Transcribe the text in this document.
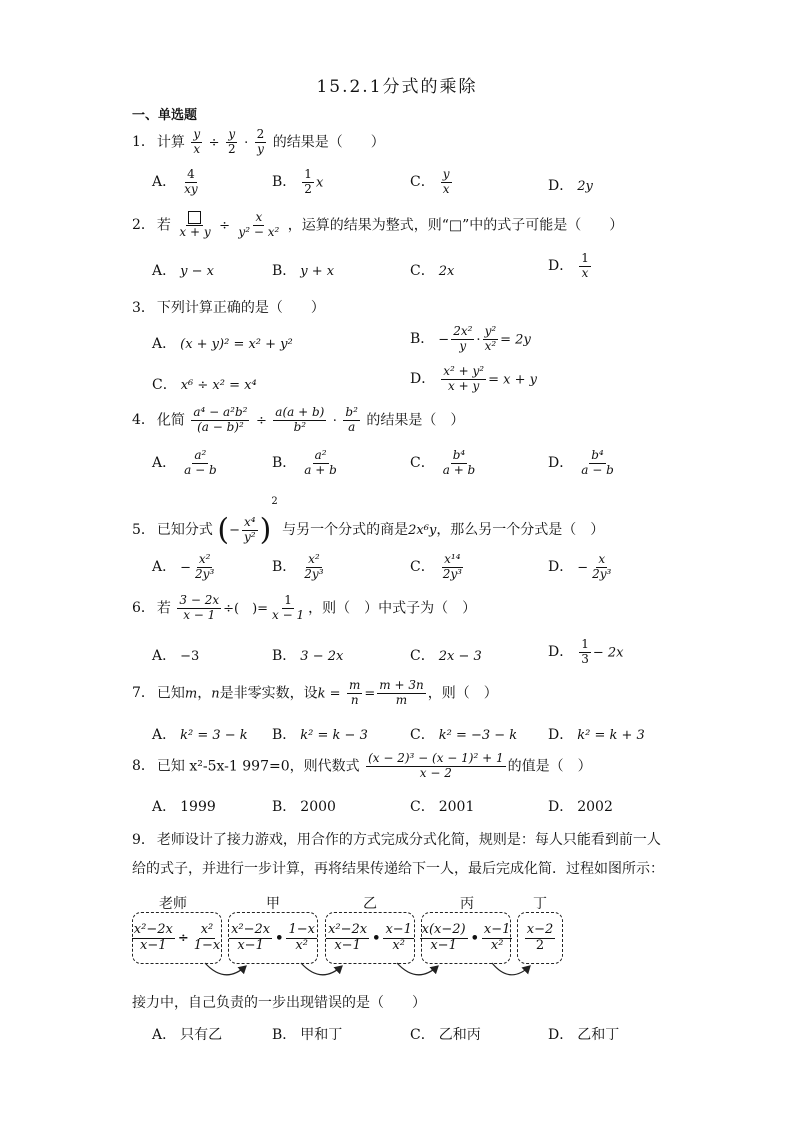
15.2.1分式的乘除
一、单选题
1． 计算 $\frac{y}{x} \div \frac{y}{2} \cdot \frac{2}{y}$ 的结果是（　　）
A． $\frac{4}{xy}$	B． $\frac{1}{2}$ x	C． $\frac{y}{x}$	D． 2y
2． 若 $x + y \div \frac{x}{\text{y² − x²}}$ ，运算的结果为整式，则“□”中的式子可能是（　　）
A． y − x	B． y + x	C． 2x	D． $\frac{1}{x}$
3． 下列计算正确的是（　　）
A． (x + y)² = x² + y²	B． − $\frac{\text{2x²}}{y} \cdot \frac{\text{y²}}{\text{x²}} = 2y$
C． x⁶ ÷ x² = x⁴	D． $\frac{\text{x² + y²}}{x + y} = x + y$
4． 化简 $\frac{\text{a⁴ − a²b²}}{\text{(a − b)²}} \div \frac{a(a + b)}{\text{b²}} \cdot \frac{\text{b²}}{a}$ 的结果是（　）
A． $\frac{\text{a²}}{a - b}$	B． $\frac{\text{a²}}{a + b}$	C． $\frac{\text{b⁴}}{a + b}$	D． $\frac{\text{b⁴}}{a - b}$
5． 已知分式 (− $\frac{\text{x⁴}}{\text{y²}} )^2$ 与另一个分式的商是2x⁶y，那么另一个分式是（　）
A． − $\frac{\text{x²}}{\text{2y³}}$	B． $\frac{\text{x²}}{\text{2y³}}$	C． $\frac{\text{x¹⁴}}{\text{2y³}}$	D． − $\frac{x}{\text{2y³}}$
6． 若 $\frac{3 - 2x}{x - 1}$ ÷(　)= $\frac{1}{x - 1}$ ，则（　）中式子为（　）
A． −3	B． 3 − 2x	C． 2x − 3	D． $\frac{1}{3} - 2x$
7． 已知m，n是非零实数，设$k = \frac{m}{n} = \frac{m + 3n}{m}$ ，则（　）
A． k² = 3 − k B． k² = k − 3	C． k² = −3 − k D． k² = k + 3
8． 已知 x²-5x-1 997=0，则代数式 $\frac{\text{(x − 2)³ − (x − 1)² + 1}}{x - 2}$ 的值是（　）
A． 1999	B． 2000	C． 2001	D． 2002
9． 老师设计了接力游戏，用合作的方式完成分式化简，规则是：每人只能看到前一人
给的式子，并进行一步计算，再将结果传递给下一人，最后完成化简．过程如图所示：
老师	甲	乙	丙	丁
$\frac{\text{x²−2x}}{x-1} \div \frac{\text{x²}}{1-x} x^2-2x$
x−1 •
1−x
x²
x²−2x
x−1 •
x−1
x²
x(x−2)
x−1 •
x−1
x²
x−2
2
接力中，自己负责的一步出现错误的是（　　）
A． 只有乙	B． 甲和丁	C． 乙和丙	D． 乙和丁
